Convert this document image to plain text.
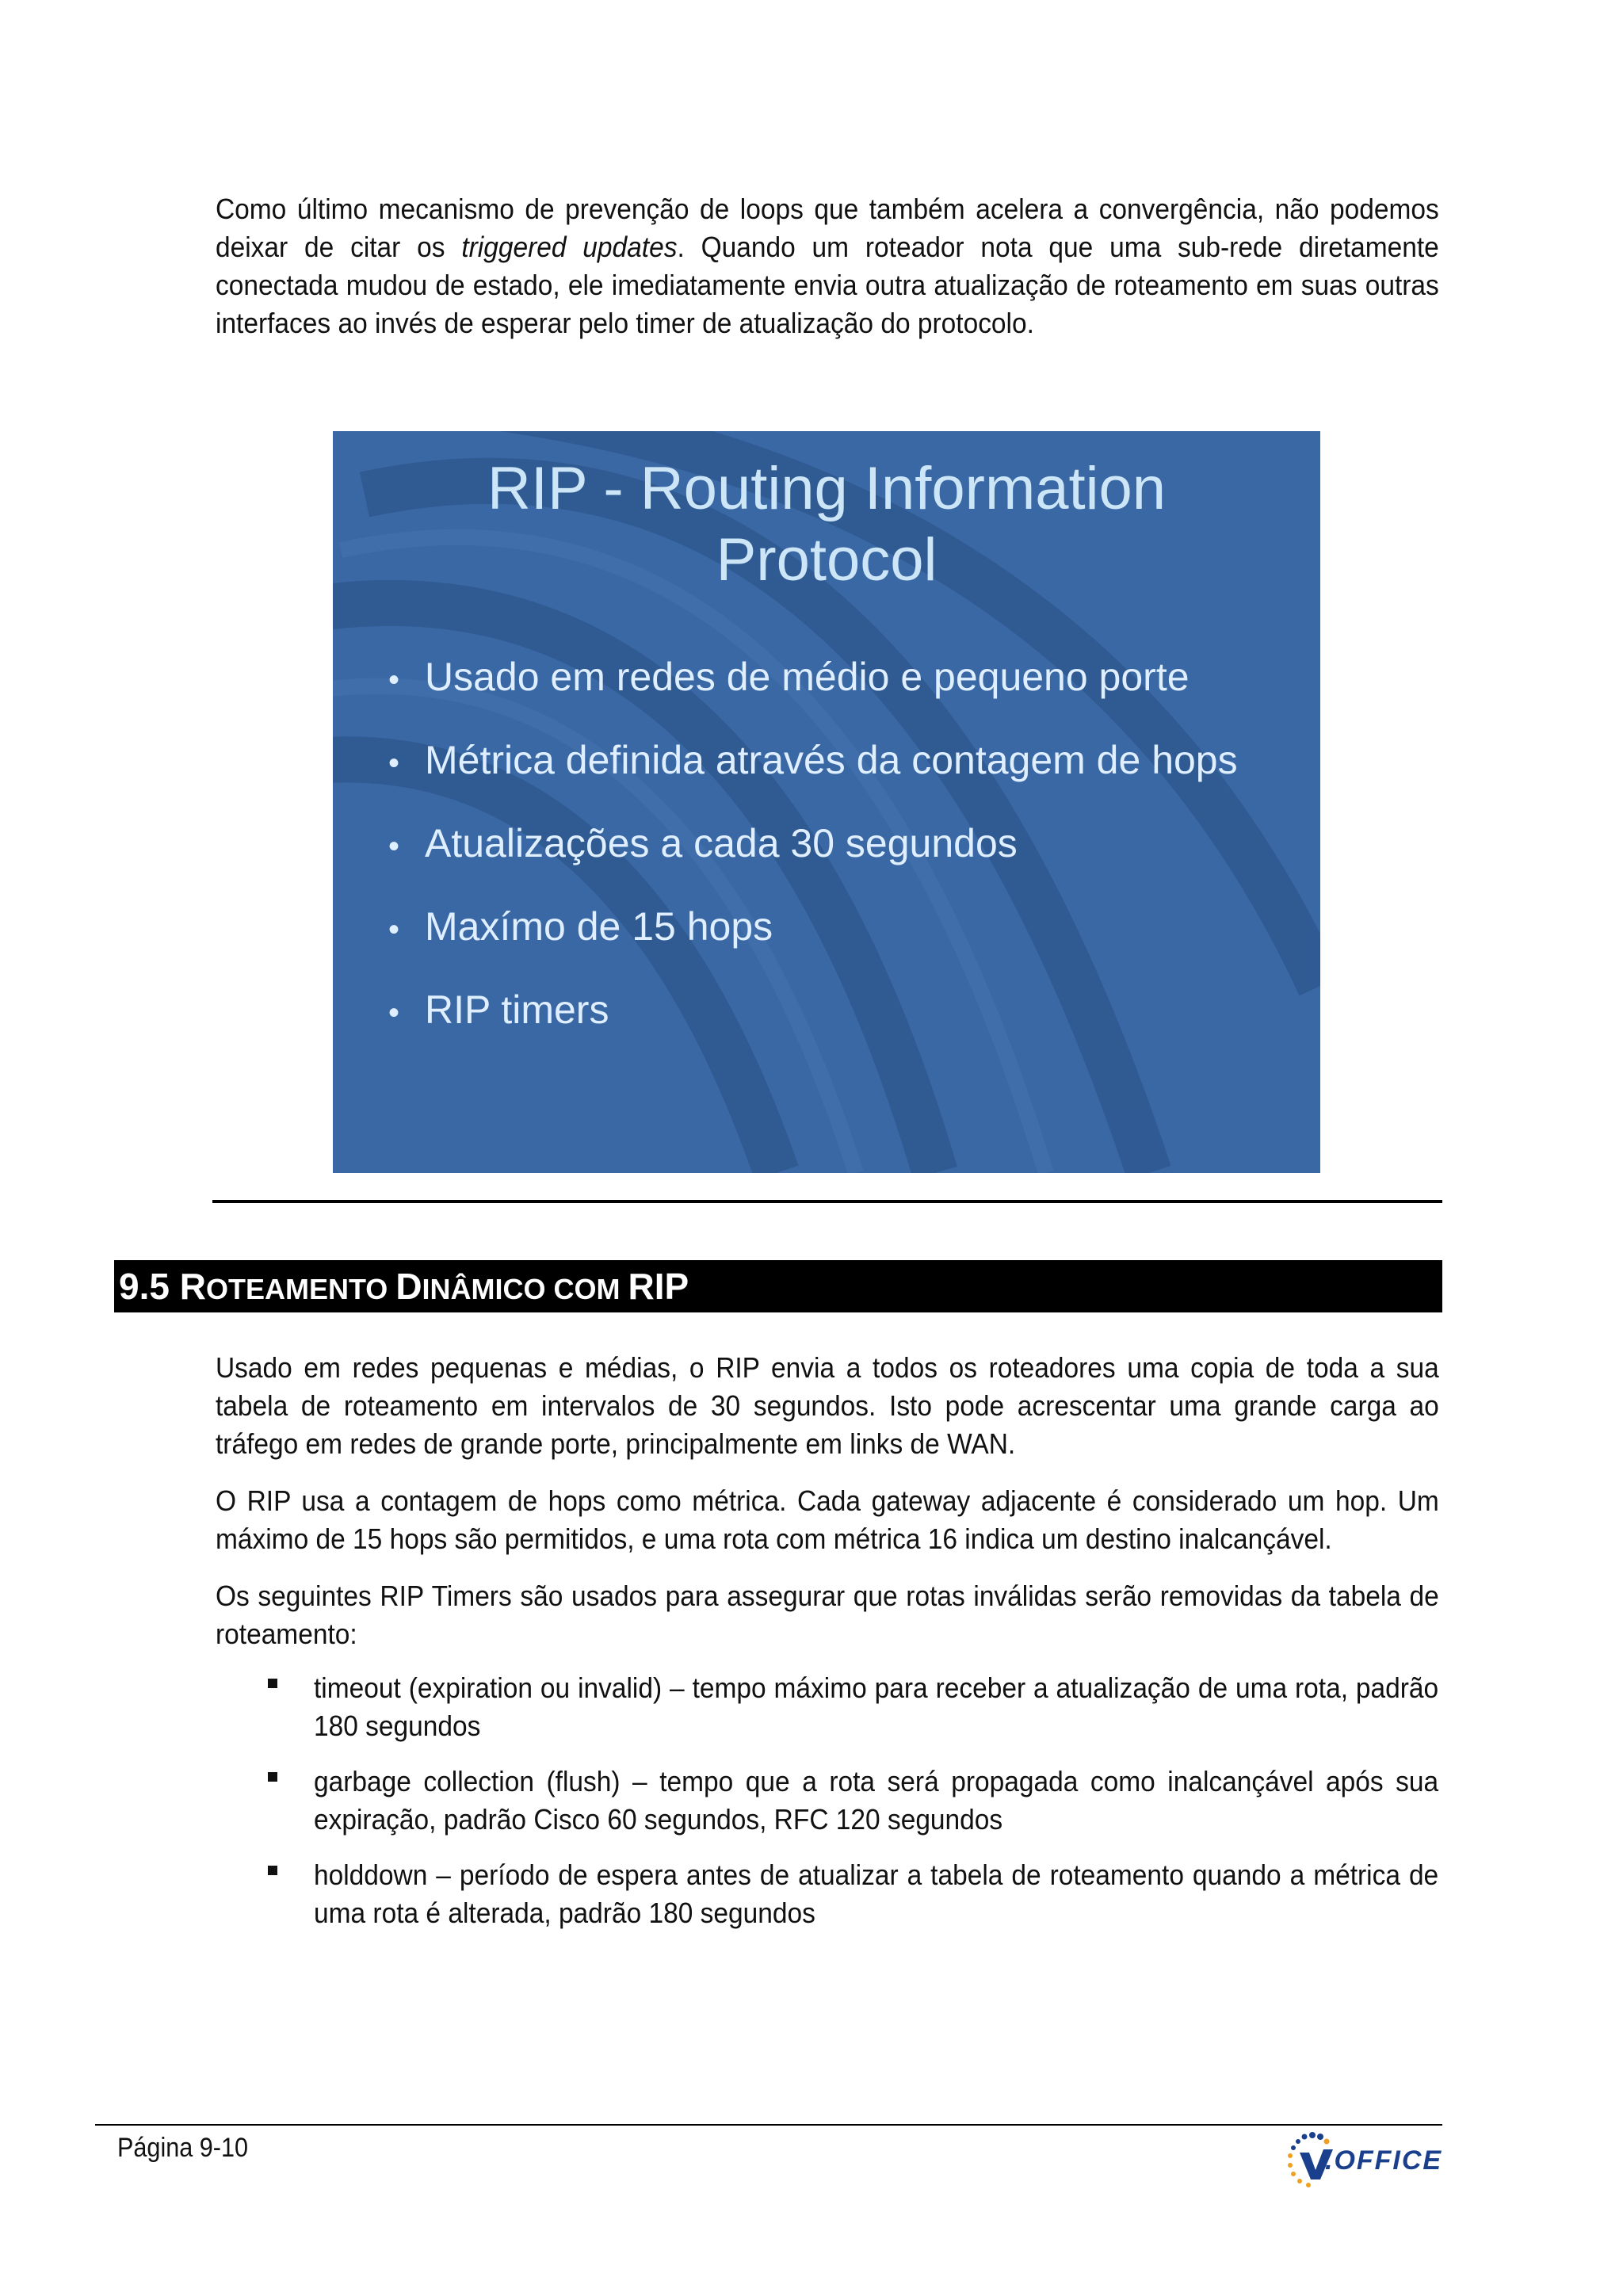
Como último mecanismo de prevenção de loops que também acelera a convergência, não podemos deixar de citar os triggered updates. Quando um roteador nota que uma sub-rede diretamente conectada mudou de estado, ele imediatamente envia outra atualização de roteamento em suas outras interfaces ao invés de esperar pelo timer de atualização do protocolo.

RIP - Routing Information
Protocol
• Usado em redes de médio e pequeno porte
• Métrica definida através da contagem de hops
• Atualizações a cada 30 segundos
• Maxímo de 15 hops
• RIP timers
9.5 ROTEAMENTO DINÂMICO COM RIP

Usado em redes pequenas e médias, o RIP envia a todos os roteadores uma copia de toda a sua tabela de roteamento em intervalos de 30 segundos. Isto pode acrescentar uma grande carga ao tráfego em redes de grande porte, principalmente em links de WAN.

O RIP usa a contagem de hops como métrica. Cada gateway adjacente é considerado um hop. Um máximo de 15 hops são permitidos, e uma rota com métrica 16 indica um destino inalcançável.

Os seguintes RIP Timers são usados para assegurar que rotas inválidas serão removidas da tabela de roteamento:

timeout (expiration ou invalid) – tempo máximo para receber a atualização de uma rota, padrão 180 segundos

garbage collection (flush) – tempo que a rota será propagada como inalcançável após sua expiração, padrão Cisco 60 segundos, RFC 120 segundos

holddown – período de espera antes de atualizar a tabela de roteamento quando a métrica de uma rota é alterada, padrão 180 segundos

Página 9-10	.OFFICE
